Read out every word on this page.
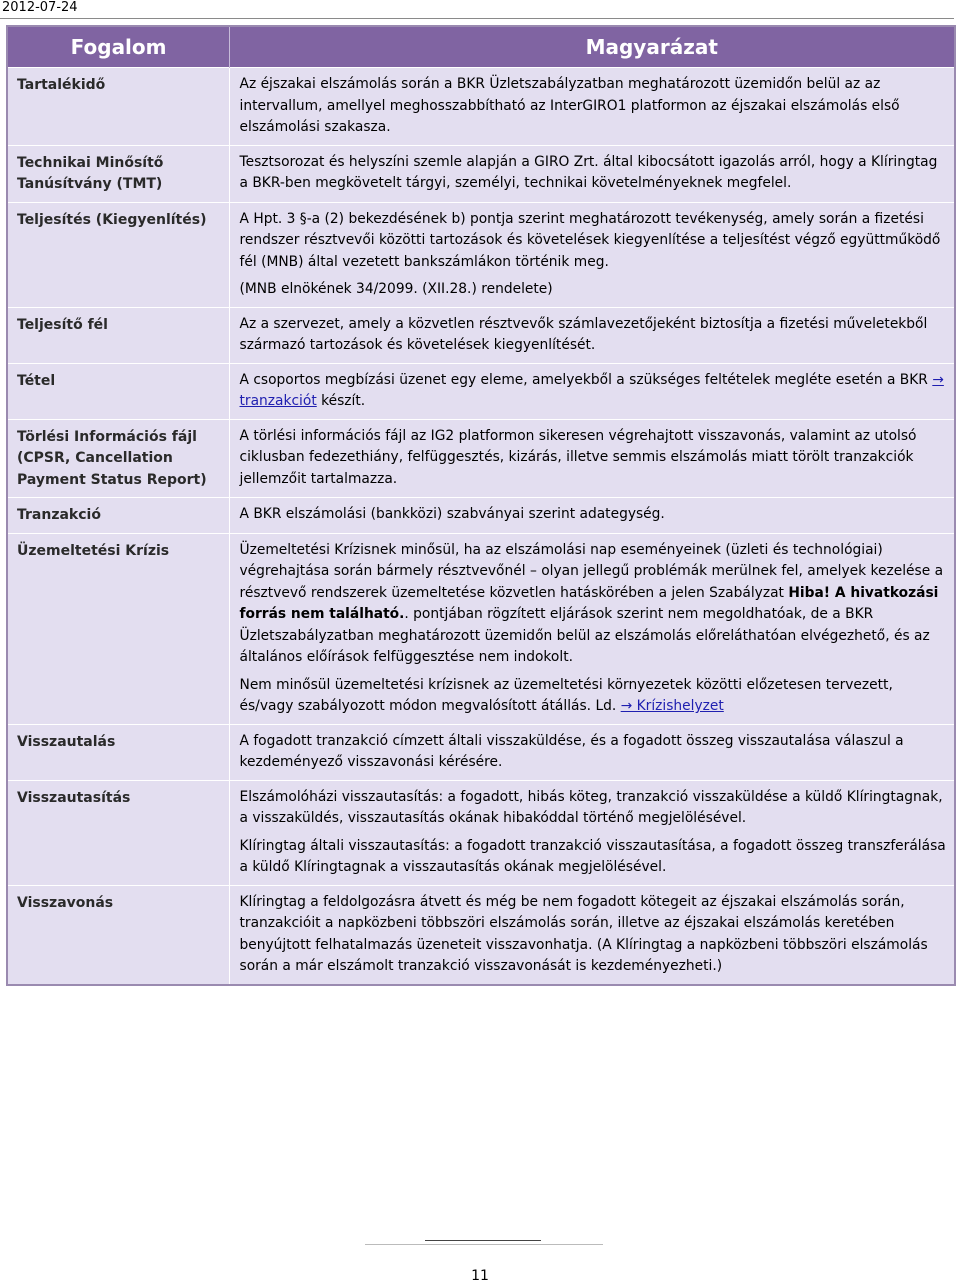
2012-07-24
Fogalom	Magyarázat
Tartalékidő	Az éjszakai elszámolás során a BKR Üzletszabályzatban meghatározott üzemidőn belül az az intervallum, amellyel meghosszabbítható az InterGIRO1 platformon az éjszakai elszámolás első elszámolási szakasza.

Technikai Minősítő Tanúsítvány (TMT)	Tesztsorozat és helyszíni szemle alapján a GIRO Zrt. által kibocsátott igazolás arról, hogy a Klíringtag a BKR-ben megkövetelt tárgyi, személyi, technikai követelményeknek megfelel.

Teljesítés (Kiegyenlítés)	A Hpt. 3 §-a (2) bekezdésének b) pontja szerint meghatározott tevékenység, amely során a fizetési rendszer résztvevői közötti tartozások és követelések kiegyenlítése a teljesítést végző együttműködő fél (MNB) által vezetett bankszámlákon történik meg.
(MNB elnökének 34/2099. (XII.28.) rendelete)

Teljesítő fél	Az a szervezet, amely a közvetlen résztvevők számlavezetőjeként biztosítja a fizetési műveletekből származó tartozások és követelések kiegyenlítését.

Tétel	A csoportos megbízási üzenet egy eleme, amelyekből a szükséges feltételek megléte esetén a BKR → tranzakciót készít.

Törlési Információs fájl (CPSR, Cancellation Payment Status Report)	A törlési információs fájl az IG2 platformon sikeresen végrehajtott visszavonás, valamint az utolsó ciklusban fedezethiány, felfüggesztés, kizárás, illetve semmis elszámolás miatt törölt tranzakciók jellemzőit tartalmazza.

Tranzakció	A BKR elszámolási (bankközi) szabványai szerint adategység.

Üzemeltetési Krízis	Üzemeltetési Krízisnek minősül, ha az elszámolási nap eseményeinek (üzleti és technológiai) végrehajtása során bármely résztvevőnél – olyan jellegű problémák merülnek fel, amelyek kezelése a résztvevő rendszerek üzemeltetése közvetlen hatáskörében a jelen Szabályzat Hiba! A hivatkozási forrás nem található.. pontjában rögzített eljárások szerint nem megoldhatóak, de a BKR Üzletszabályzatban meghatározott üzemidőn belül az elszámolás előreláthatóan elvégezhető, és az általános előírások felfüggesztése nem indokolt.
Nem minősül üzemeltetési krízisnek az üzemeltetési környezetek közötti előzetesen tervezett, és/vagy szabályozott módon megvalósított átállás. Ld. → Krízishelyzet

Visszautalás	A fogadott tranzakció címzett általi visszaküldése, és a fogadott összeg visszautalása válaszul a kezdeményező visszavonási kérésére.

Visszautasítás	Elszámolóházi visszautasítás: a fogadott, hibás köteg, tranzakció visszaküldése a küldő Klíringtagnak, a visszaküldés, visszautasítás okának hibakóddal történő megjelölésével.
Klíringtag általi visszautasítás: a fogadott tranzakció visszautasítása, a fogadott összeg transzferálása a küldő Klíringtagnak a visszautasítás okának megjelölésével.

Visszavonás	Klíringtag a feldolgozásra átvett és még be nem fogadott kötegeit az éjszakai elszámolás során, tranzakcióit a napközbeni többszöri elszámolás során, illetve az éjszakai elszámolás keretében benyújtott felhatalmazás üzeneteit visszavonhatja. (A Klíringtag a napközbeni többszöri elszámolás során a már elszámolt tranzakció visszavonását is kezdeményezheti.)
11
